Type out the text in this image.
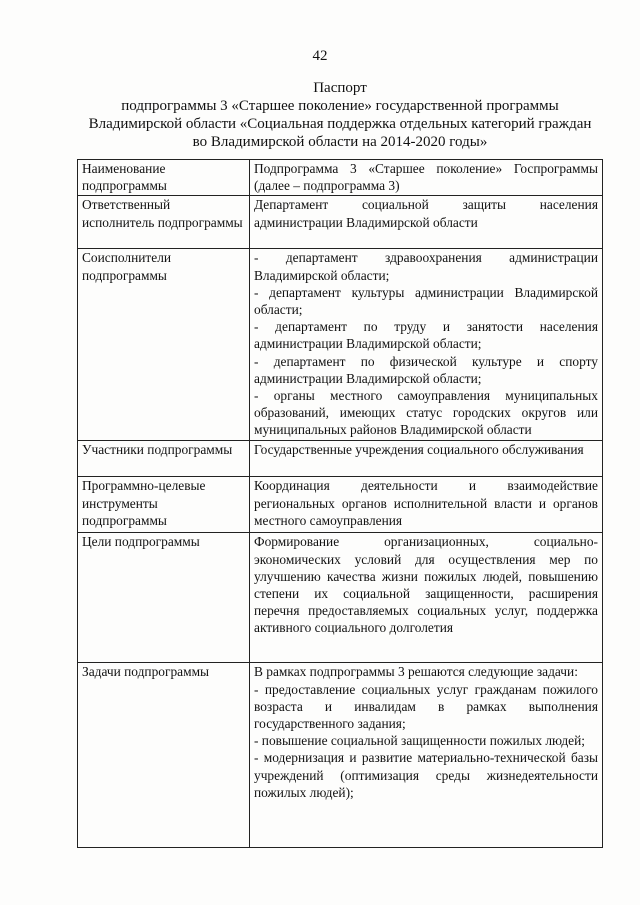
42
Паспорт
подпрограммы 3 «Старшее поколение» государственной программы
Владимирской области «Социальная поддержка отдельных категорий граждан
во Владимирской области на 2014-2020 годы»
Наименование подпрограммы	Подпрограмма 3 «Старшее поколение» Госпрограммы (далее – подпрограмма 3)

Ответственный исполнитель подпрограммы	Департамент социальной защиты населения администрации Владимирской области

Соисполнители подпрограммы	- департамент здравоохранения администрации Владимирской области;
- департамент культуры администрации Владимирской области;
- департамент по труду и занятости населения администрации Владимирской области;
- департамент по физической культуре и спорту администрации Владимирской области;
- органы местного самоуправления муниципальных образований, имеющих статус городских округов или муниципальных районов Владимирской области

Участники подпрограммы	Государственные учреждения социального обслуживания

Программно-целевые инструменты подпрограммы	Координация деятельности и взаимодействие региональных органов исполнительной власти и органов местного самоуправления

Цели подпрограммы	Формирование организационных, социально-экономических условий для осуществления мер по улучшению качества жизни пожилых людей, повышению степени их социальной защищенности, расширения перечня предоставляемых социальных услуг, поддержка активного социального долголетия

Задачи подпрограммы	В рамках подпрограммы 3 решаются следующие задачи:
- предоставление социальных услуг гражданам пожилого возраста и инвалидам в рамках выполнения государственного задания;
- повышение социальной защищенности пожилых людей;
- модернизация и развитие материально-технической базы учреждений (оптимизация среды жизнедеятельности пожилых людей);
